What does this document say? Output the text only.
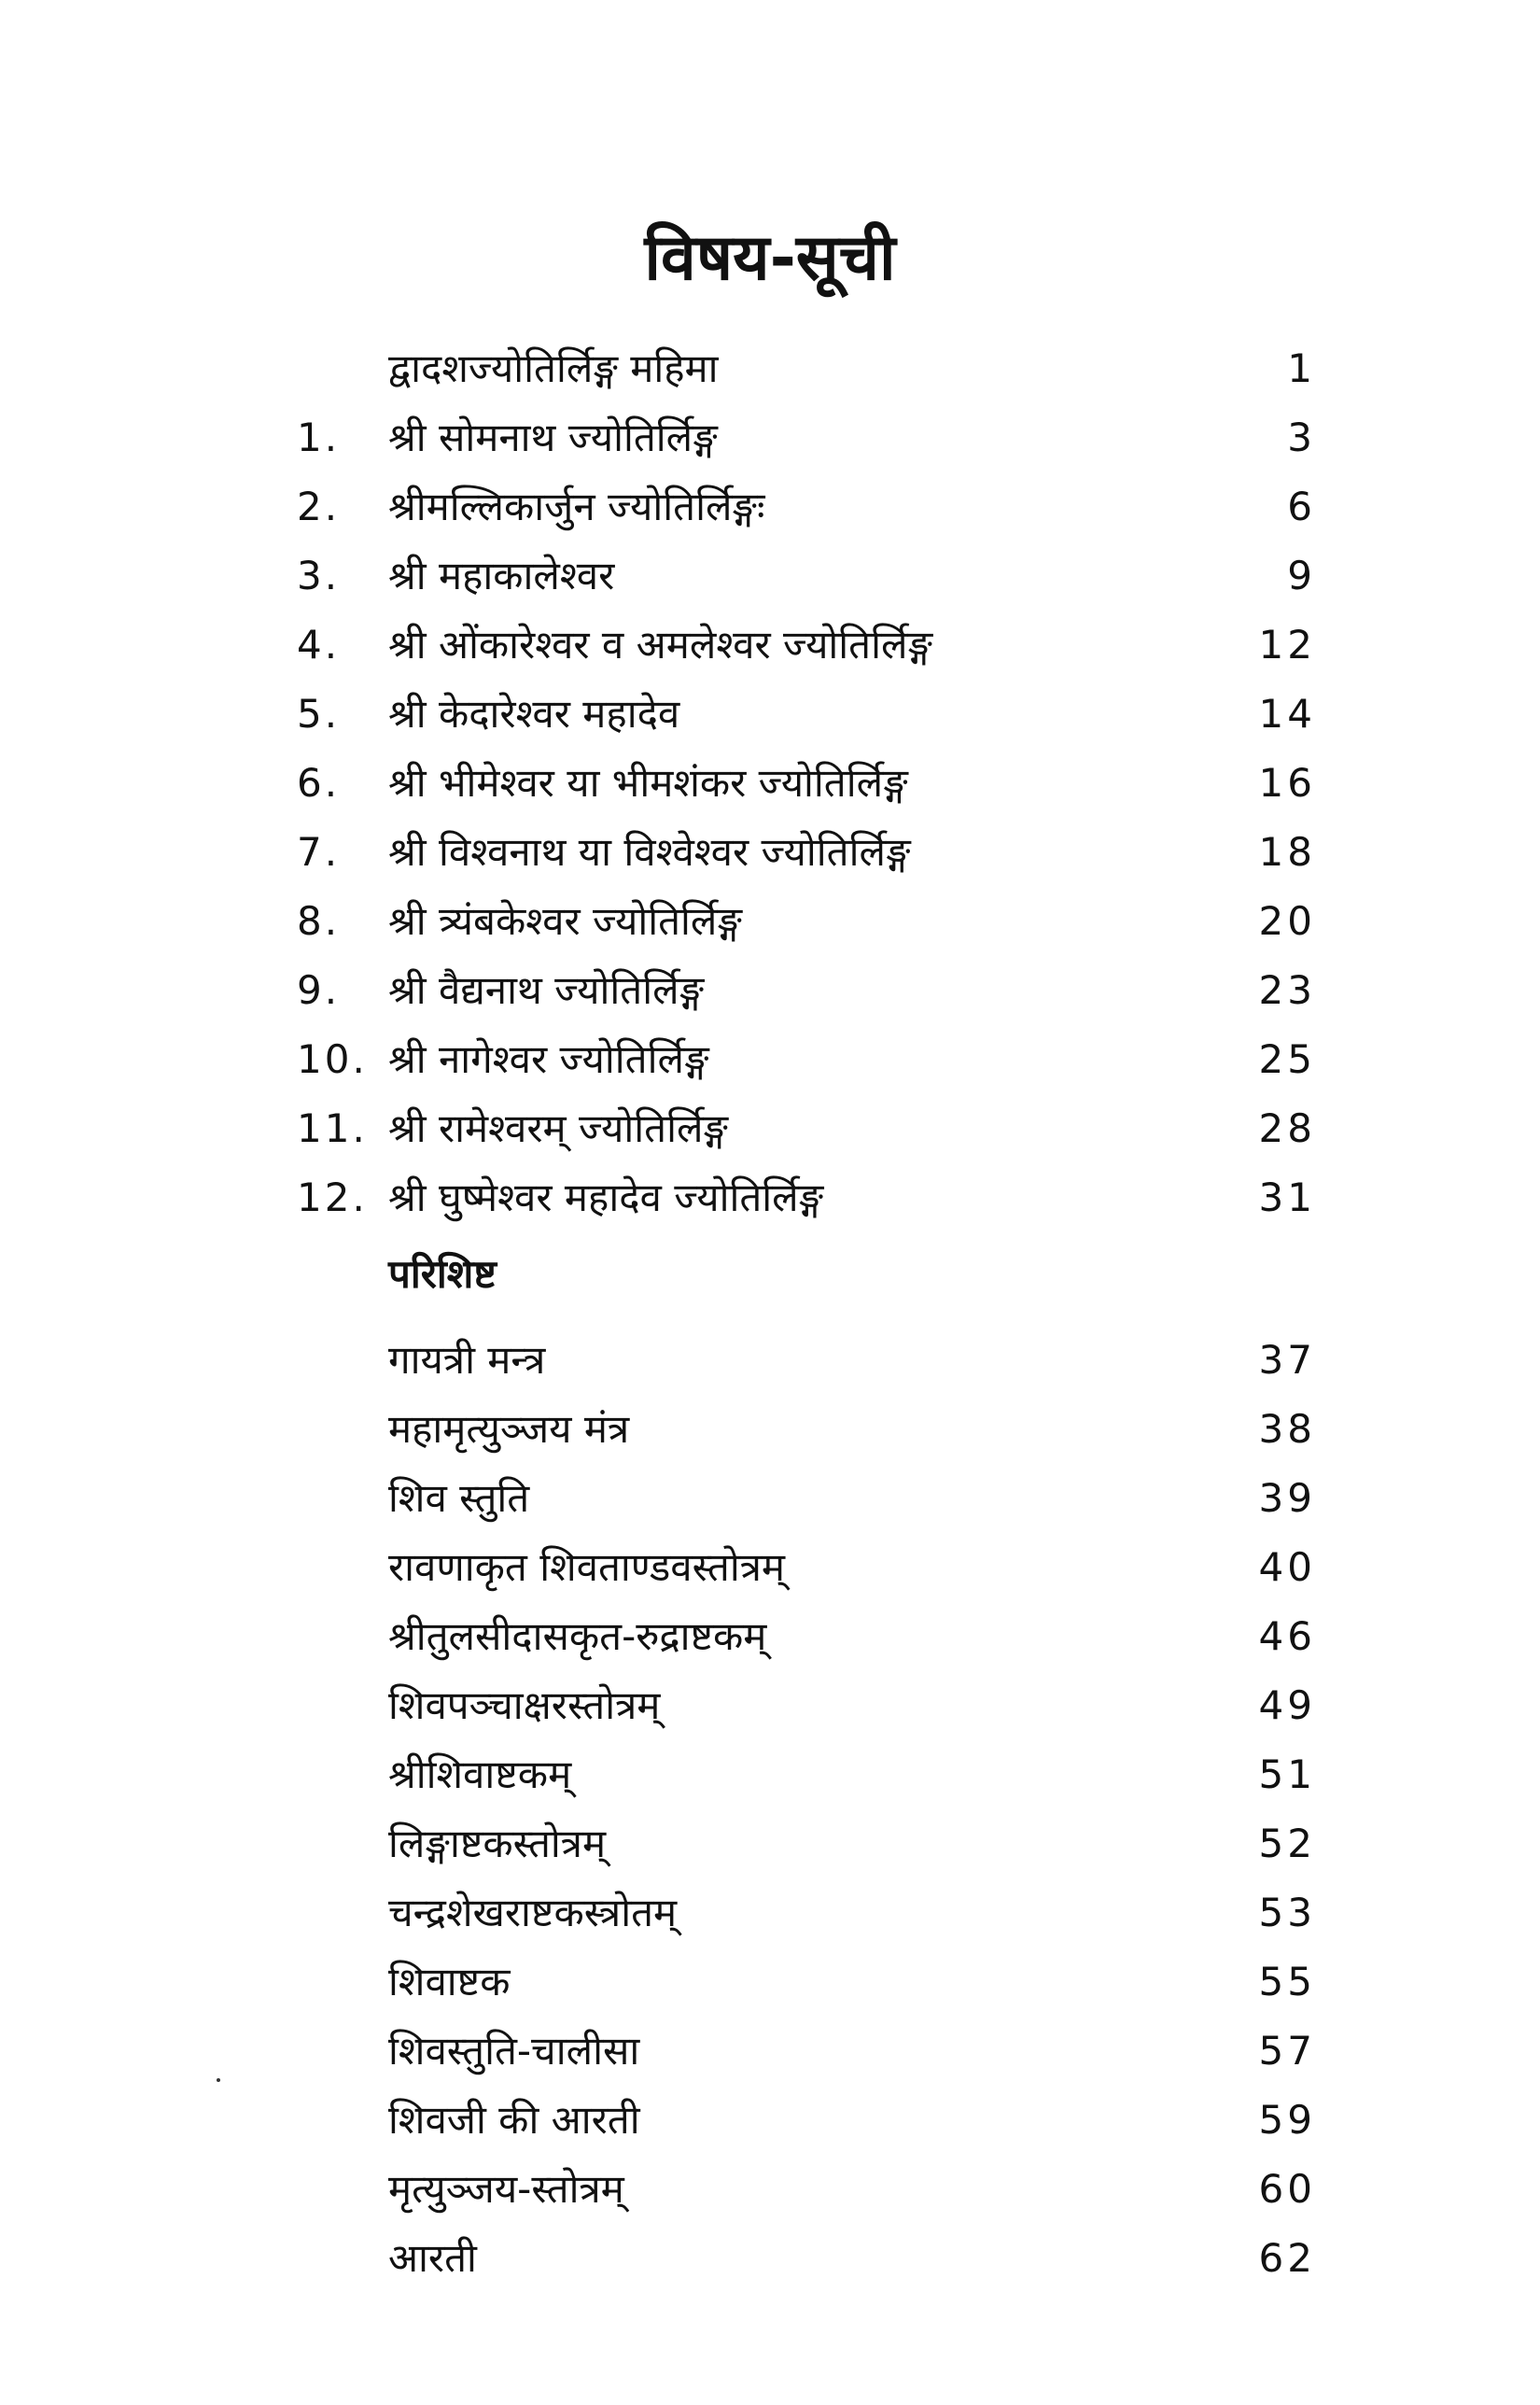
विषय-सूची
द्वादशज्योतिर्लिङ्ग महिमा	1
1.	श्री सोमनाथ ज्योतिर्लिङ्ग	3
2.	श्रीमल्लिकार्जुन ज्योतिर्लिङ्गः	6
3.	श्री महाकालेश्वर	9
4.	श्री ओंकारेश्वर व अमलेश्वर ज्योतिर्लिङ्ग	12
5.	श्री केदारेश्वर महादेव	14
6.	श्री भीमेश्वर या भीमशंकर ज्योतिर्लिङ्ग	16
7.	श्री विश्वनाथ या विश्वेश्वर ज्योतिर्लिङ्ग	18
8.	श्री त्र्यंबकेश्वर ज्योतिर्लिङ्ग	20
9.	श्री वैद्यनाथ ज्योतिर्लिङ्ग	23
10. श्री नागेश्वर ज्योतिर्लिङ्ग	25
11. श्री रामेश्वरम् ज्योतिर्लिङ्ग	28
12. श्री घुष्मेश्वर महादेव ज्योतिर्लिङ्ग	31
परिशिष्ट
गायत्री मन्त्र	37
महामृत्युञ्जय मंत्र	38
शिव स्तुति	39
रावणाकृत शिवताण्डवस्तोत्रम्	40
श्रीतुलसीदासकृत-रुद्राष्टकम्	46
शिवपञ्चाक्षरस्तोत्रम्	49
श्रीशिवाष्टकम्	51
लिङ्गाष्टकस्तोत्रम्	52
चन्द्रशेखराष्टकस्त्रोतम्	53
शिवाष्टक	55
शिवस्तुति-चालीसा	57
शिवजी की आरती	59
मृत्युञ्जय-स्तोत्रम्	60
आरती	62
